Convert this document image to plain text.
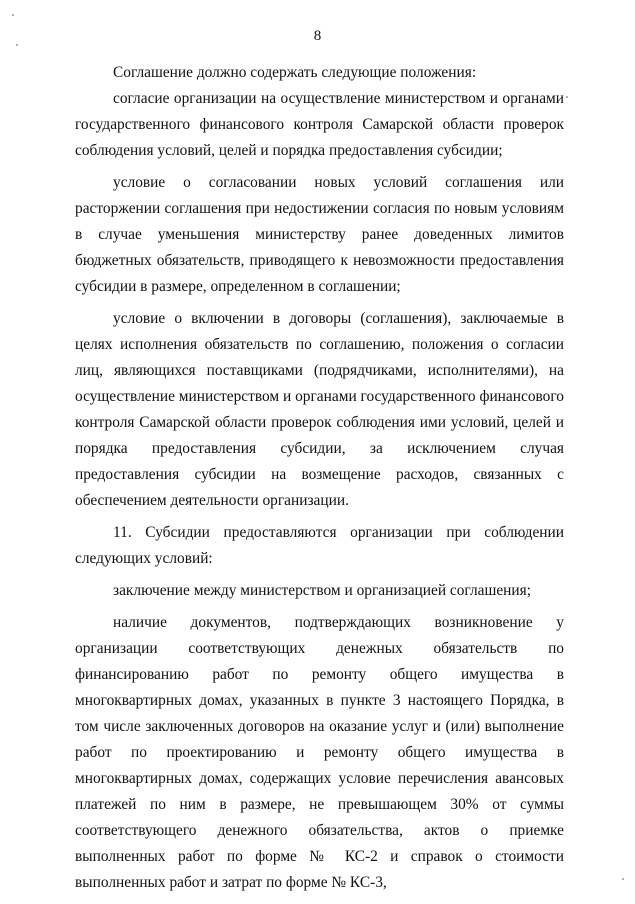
8

Соглашение должно содержать следующие положения:

согласие организации на осуществление министерством и органами государственного финансового контроля Самарской области проверок соблюдения условий, целей и порядка предоставления субсидии;

условие о согласовании новых условий соглашения или расторжении соглашения при недостижении согласия по новым условиям в случае уменьшения министерству ранее доведенных лимитов бюджетных обязательств, приводящего к невозможности предоставления субсидии в размере, определенном в соглашении;

условие о включении в договоры (соглашения), заключаемые в целях исполнения обязательств по соглашению, положения о согласии лиц, являющихся поставщиками (подрядчиками, исполнителями), на осуществление министерством и органами государственного финансового контроля Самарской области проверок соблюдения ими условий, целей и порядка предоставления субсидии, за исключением случая предоставления субсидии на возмещение расходов, связанных с обеспечением деятельности организации.

11. Субсидии предоставляются организации при соблюдении следующих условий:

заключение между министерством и организацией соглашения;

наличие документов, подтверждающих возникновение у организации соответствующих денежных обязательств по финансированию работ по ремонту общего имущества в многоквартирных домах, указанных в пункте 3 настоящего Порядка, в том числе заключенных договоров на оказание услуг и (или) выполнение работ по проектированию и ремонту общего имущества в многоквартирных домах, содержащих условие перечисления авансовых платежей по ним в размере, не превышающем 30% от суммы соответствующего денежного обязательства, актов о приемке выполненных работ по форме № КС-2 и справок о стоимости выполненных работ и затрат по форме № КС-3,
